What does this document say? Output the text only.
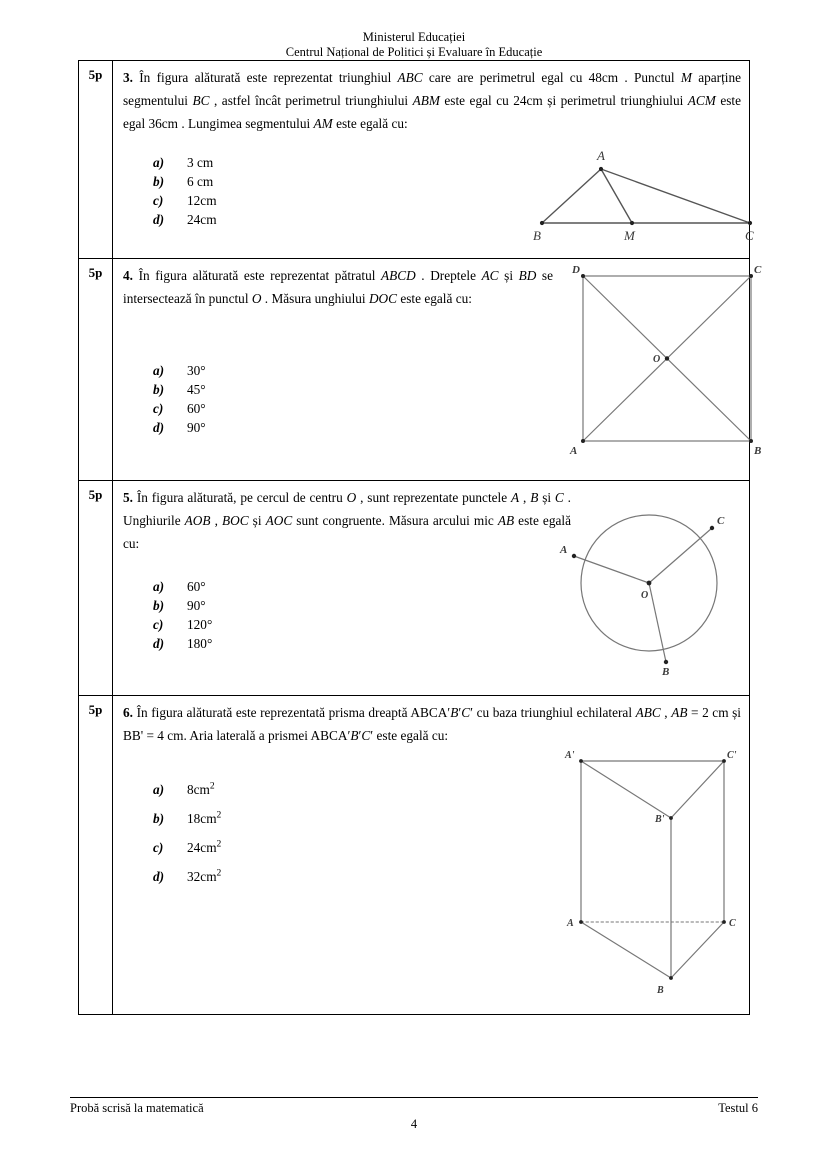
Ministerul Educației
Centrul Național de Politici și Evaluare în Educație
5p	3. În figura alăturată este reprezentat triunghiul ABC care are perimetrul egal cu 48cm . Punctul M aparține segmentului BC , astfel încât perimetrul triunghiului ABM este egal cu 24cm și perimetrul triunghiului ACM este egal 36cm . Lungimea segmentului AM este egală cu:

a)	3 cm
b)	6 cm
c)	12cm
d)	24cm
A
B	M	C
5p	4. În figura alăturată este reprezentat pătratul ABCD . Dreptele AC și BD se intersectează în punctul O . Măsura unghiului DOC este egală cu:

a)	30°
b)	45°
c)	60°
d)	90°
D	C
A	B
O
5p	5. În figura alăturată, pe cercul de centru O , sunt reprezentate punctele A , B și C . Unghiurile AOB , BOC și AOC sunt congruente. Măsura arcului mic AB este egală cu:

a)	60°
b)	90°
c)	120°
d)	180°
A
B
C
O
5p	6. În figura alăturată este reprezentată prisma dreaptă ABCA′B′C′ cu baza triunghiul echilateral ABC , AB = 2 cm și BB' = 4 cm. Aria laterală a prismei ABCA′B′C′ este egală cu:

a)	$8cm^2$
b)	$18cm^2$
c)	$24cm^2$
d)	$32cm^2$
A'	C'
B'
A	C
B
Probă scrisă la matematică	Testul 6
4
